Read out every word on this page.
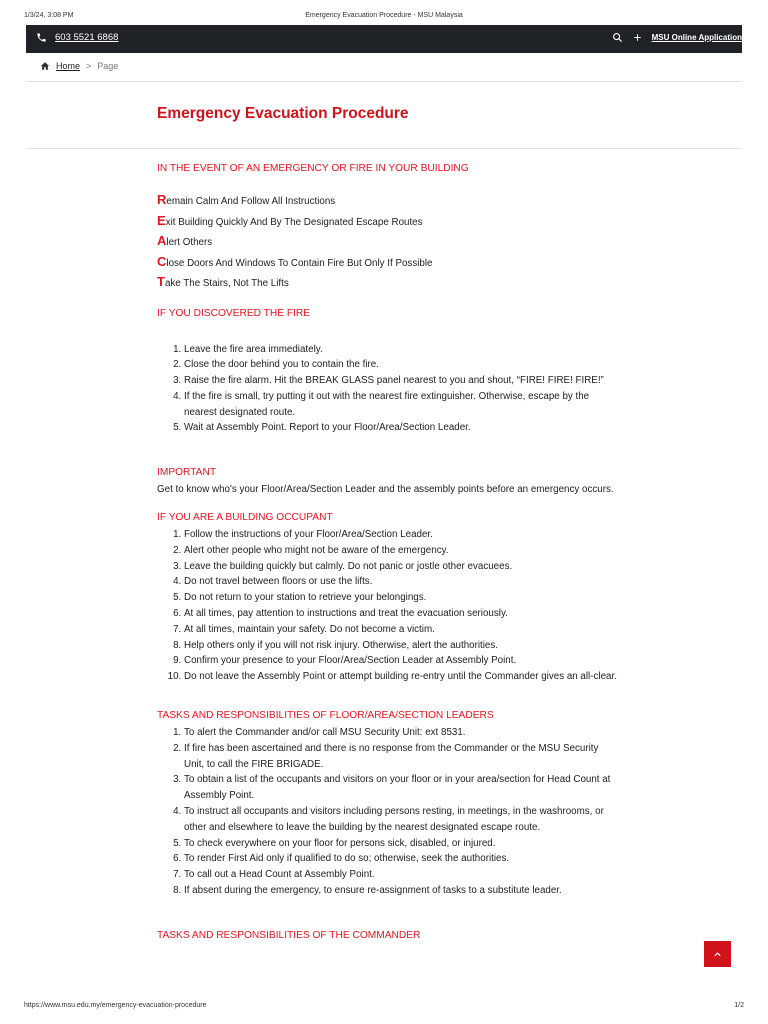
1/3/24, 3:08 PM	Emergency Evacuation Procedure - MSU Malaysia
603 5521 6868	MSU Online Application
Home > Page
Emergency Evacuation Procedure
IN THE EVENT OF AN EMERGENCY OR FIRE IN YOUR BUILDING
Remain Calm And Follow All Instructions
Exit Building Quickly And By The Designated Escape Routes
Alert Others
Close Doors And Windows To Contain Fire But Only If Possible
Take The Stairs, Not The Lifts
IF YOU DISCOVERED THE FIRE
1. Leave the fire area immediately.
2. Close the door behind you to contain the fire.
3. Raise the fire alarm. Hit the BREAK GLASS panel nearest to you and shout, “FIRE! FIRE! FIRE!”
4. If the fire is small, try putting it out with the nearest fire extinguisher. Otherwise, escape by the nearest designated route.
5. Wait at Assembly Point. Report to your Floor/Area/Section Leader.
IMPORTANT
Get to know who's your Floor/Area/Section Leader and the assembly points before an emergency occurs.
IF YOU ARE A BUILDING OCCUPANT
1. Follow the instructions of your Floor/Area/Section Leader.
2. Alert other people who might not be aware of the emergency.
3. Leave the building quickly but calmly. Do not panic or jostle other evacuees.
4. Do not travel between floors or use the lifts.
5. Do not return to your station to retrieve your belongings.
6. At all times, pay attention to instructions and treat the evacuation seriously.
7. At all times, maintain your safety. Do not become a victim.
8. Help others only if you will not risk injury. Otherwise, alert the authorities.
9. Confirm your presence to your Floor/Area/Section Leader at Assembly Point.
10. Do not leave the Assembly Point or attempt building re-entry until the Commander gives an all-clear.
TASKS AND RESPONSIBILITIES OF FLOOR/AREA/SECTION LEADERS
1. To alert the Commander and/or call MSU Security Unit: ext 8531.
2. If fire has been ascertained and there is no response from the Commander or the MSU Security Unit, to call the FIRE BRIGADE.
3. To obtain a list of the occupants and visitors on your floor or in your area/section for Head Count at Assembly Point.
4. To instruct all occupants and visitors including persons resting, in meetings, in the washrooms, or other and elsewhere to leave the building by the nearest designated escape route.
5. To check everywhere on your floor for persons sick, disabled, or injured.
6. To render First Aid only if qualified to do so; otherwise, seek the authorities.
7. To call out a Head Count at Assembly Point.
8. If absent during the emergency, to ensure re-assignment of tasks to a substitute leader.
TASKS AND RESPONSIBILITIES OF THE COMMANDER
https://www.msu.edu.my/emergency-evacuation-procedure	1/2
